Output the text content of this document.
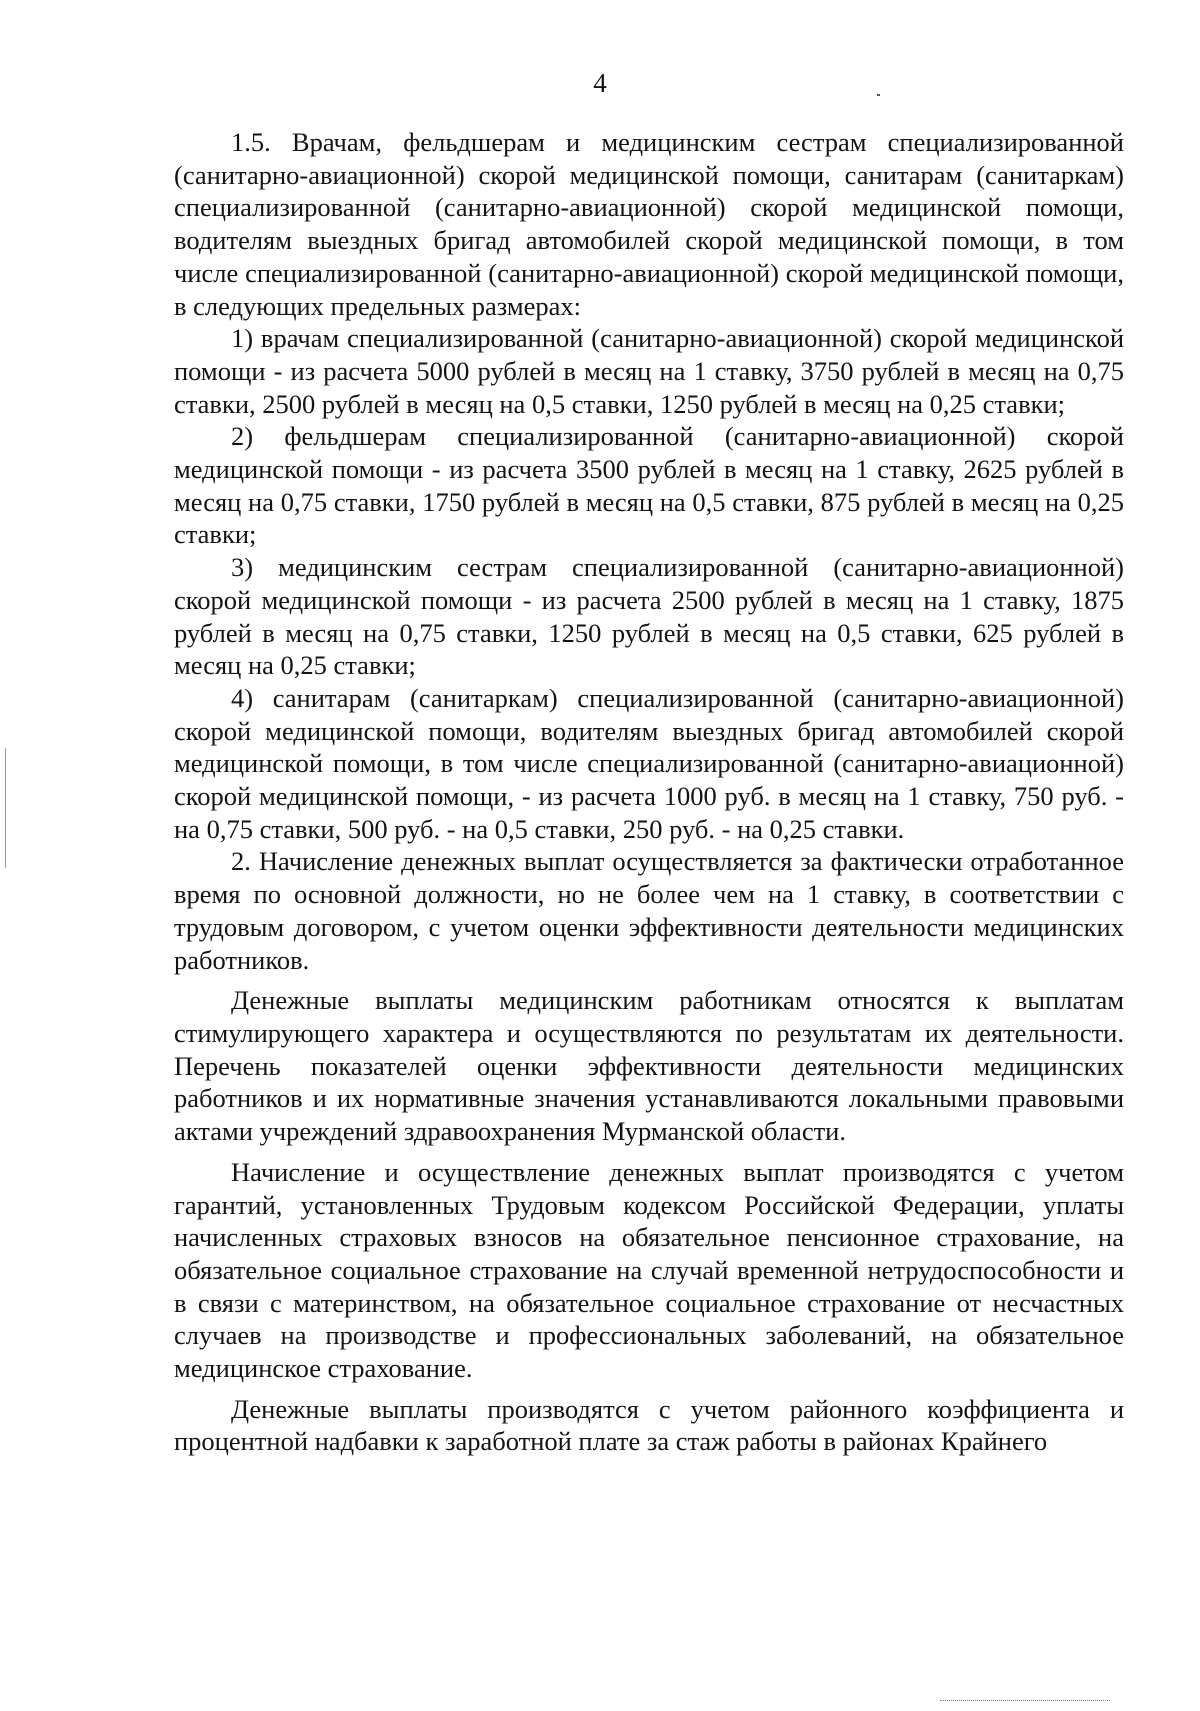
4

1.5. Врачам, фельдшерам и медицинским сестрам специализированной (санитарно-авиационной) скорой медицинской помощи, санитарам (санитаркам) специализированной (санитарно-авиационной) скорой медицинской помощи, водителям выездных бригад автомобилей скорой медицинской помощи, в том числе специализированной (санитарно-авиационной) скорой медицинской помощи, в следующих предельных размерах:

1) врачам специализированной (санитарно-авиационной) скорой медицинской помощи - из расчета 5000 рублей в месяц на 1 ставку, 3750 рублей в месяц на 0,75 ставки, 2500 рублей в месяц на 0,5 ставки, 1250 рублей в месяц на 0,25 ставки;

2) фельдшерам специализированной (санитарно-авиационной) скорой медицинской помощи - из расчета 3500 рублей в месяц на 1 ставку, 2625 рублей в месяц на 0,75 ставки, 1750 рублей в месяц на 0,5 ставки, 875 рублей в месяц на 0,25 ставки;

3) медицинским сестрам специализированной (санитарно-авиационной) скорой медицинской помощи - из расчета 2500 рублей в месяц на 1 ставку, 1875 рублей в месяц на 0,75 ставки, 1250 рублей в месяц на 0,5 ставки, 625 рублей в месяц на 0,25 ставки;

4) санитарам (санитаркам) специализированной (санитарно-авиационной) скорой медицинской помощи, водителям выездных бригад автомобилей скорой медицинской помощи, в том числе специализированной (санитарно-авиационной) скорой медицинской помощи, - из расчета 1000 руб. в месяц на 1 ставку, 750 руб. - на 0,75 ставки, 500 руб. - на 0,5 ставки, 250 руб. - на 0,25 ставки.

2. Начисление денежных выплат осуществляется за фактически отработанное время по основной должности, но не более чем на 1 ставку, в соответствии с трудовым договором, с учетом оценки эффективности деятельности медицинских работников.

Денежные выплаты медицинским работникам относятся к выплатам стимулирующего характера и осуществляются по результатам их деятельности. Перечень показателей оценки эффективности деятельности медицинских работников и их нормативные значения устанавливаются локальными правовыми актами учреждений здравоохранения Мурманской области.

Начисление и осуществление денежных выплат производятся с учетом гарантий, установленных Трудовым кодексом Российской Федерации, уплаты начисленных страховых взносов на обязательное пенсионное страхование, на обязательное социальное страхование на случай временной нетрудоспособности и в связи с материнством, на обязательное социальное страхование от несчастных случаев на производстве и профессиональных заболеваний, на обязательное медицинское страхование.

Денежные выплаты производятся с учетом районного коэффициента и процентной надбавки к заработной плате за стаж работы в районах Крайнего
